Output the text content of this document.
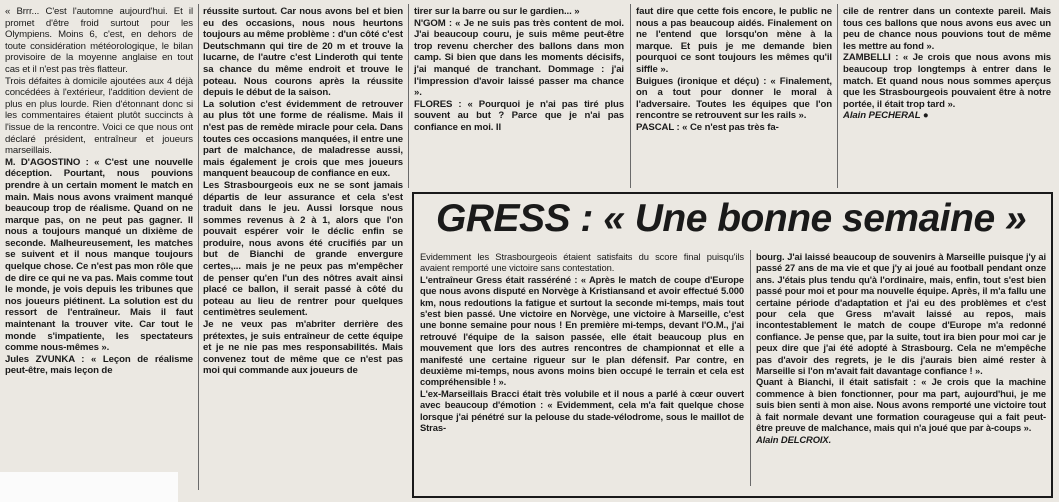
« Brrr... C'est l'automne aujourd'hui. Et il promet d'être froid surtout pour les Olympiens. Moins 6, c'est, en dehors de toute considération météorologique, le bilan provisoire de la moyenne anglaise en tout cas et il n'est pas très flatteur.

Trois défaites à domicile ajoutées aux 4 déjà concédées à l'extérieur, l'addition devient de plus en plus lourde. Rien d'étonnant donc si les commentaires étaient plutôt succincts à l'issue de la rencontre. Voici ce que nous ont déclaré président, entraîneur et joueurs marseillais.

M. D'AGOSTINO : « C'est une nouvelle déception. Pourtant, nous pouvions prendre à un certain moment le match en main. Mais nous avons vraiment manqué beaucoup trop de réalisme. Quand on ne marque pas, on ne peut pas gagner. Il nous a toujours manqué un dixième de seconde. Malheureusement, les matches se suivent et il nous manque toujours quelque chose. Ce n'est pas mon rôle que de dire ce qui ne va pas. Mais comme tout le monde, je vois depuis les tribunes que nos joueurs piétinent. La solution est du ressort de l'entraîneur. Mais il faut maintenant la trouver vite. Car tout le monde s'impatiente, les spectateurs comme nous-mêmes ».

Jules ZVUNKA : « Leçon de réalisme peut-être, mais leçon de

réussite surtout. Car nous avons bel et bien eu des occasions, nous nous heurtons toujours au même problème : d'un côté c'est Deutschmann qui tire de 20 m et trouve la lucarne, de l'autre c'est Linderoth qui tente sa chance du même endroit et trouve le poteau. Nous courons après la réussite depuis le début de la saison.

La solution c'est évidemment de retrouver au plus tôt une forme de réalisme. Mais il n'est pas de remède miracle pour cela. Dans toutes ces occasions manquées, il entre une part de malchance, de maladresse aussi, mais également je crois que mes joueurs manquent beaucoup de confiance en eux.

Les Strasbourgeois eux ne se sont jamais départis de leur assurance et cela s'est traduit dans le jeu. Aussi lorsque nous sommes revenus à 2 à 1, alors que l'on pouvait espérer voir le déclic enfin se produire, nous avons été crucifiés par un but de Bianchi de grande envergure certes,... mais je ne peux pas m'empêcher de penser qu'en l'un des nôtres avait ainsi placé ce ballon, il serait passé à côté du poteau au lieu de rentrer pour quelques centimètres seulement.

Je ne veux pas m'abriter derrière des prétextes, je suis entraîneur de cette équipe et je ne nie pas mes responsabilités. Mais convenez tout de même que ce n'est pas moi qui commande aux joueurs de

tirer sur la barre ou sur le gardien... »

N'GOM : « Je ne suis pas très content de moi. J'ai beaucoup couru, je suis même peut-être trop revenu chercher des ballons dans mon camp. Si bien que dans les moments décisifs, j'ai manqué de tranchant. Dommage : j'ai l'impression d'avoir laissé passer ma chance ».

FLORES : « Pourquoi je n'ai pas tiré plus souvent au but ? Parce que je n'ai pas confiance en moi. Il

faut dire que cette fois encore, le public ne nous a pas beaucoup aidés. Finalement on ne l'entend que lorsqu'on mène à la marque. Et puis je me demande bien pourquoi ce sont toujours les mêmes qu'il siffle ».

Buigues (ironique et déçu) : « Finalement, on a tout pour donner le moral à l'adversaire. Toutes les équipes que l'on rencontre se retrouvent sur les rails ».

PASCAL : « Ce n'est pas très fa-

cile de rentrer dans un contexte pareil. Mais tous ces ballons que nous avons eus avec un peu de chance nous pouvions tout de même les mettre au fond ».

ZAMBELLI : « Je crois que nous avons mis beaucoup trop longtemps à entrer dans le match. Et quand nous nous sommes aperçus que les Strasbourgeois pouvaient être à notre portée, il était trop tard ».

Alain PECHERAL ●

GRESS : « Une bonne semaine »

Evidemment les Strasbourgeois étaient satisfaits du score final puisqu'ils avaient remporté une victoire sans contestation.

L'entraîneur Gress était rasséréné : « Après le match de coupe d'Europe que nous avons disputé en Norvège à Kristiansand et avoir effectué 5.000 km, nous redoutions la fatigue et surtout la seconde mi-temps, mais tout s'est bien passé. Une victoire en Norvège, une victoire à Marseille, c'est une bonne semaine pour nous ! En première mi-temps, devant l'O.M., j'ai retrouvé l'équipe de la saison passée, elle était beaucoup plus en mouvement que lors des autres rencontres de championnat et elle a manifesté une certaine rigueur sur le plan défensif. Par contre, en deuxième mi-temps, nous avons moins bien occupé le terrain et cela est compréhensible ! ».

L'ex-Marseillais Bracci était très volubile et il nous a parlé à cœur ouvert avec beaucoup d'émotion : « Evidemment, cela m'a fait quelque chose lorsque j'ai pénétré sur la pelouse du stade-vélodrome, sous le maillot de Stras-

bourg. J'ai laissé beaucoup de souvenirs à Marseille puisque j'y ai passé 27 ans de ma vie et que j'y ai joué au football pendant onze ans. J'étais plus tendu qu'à l'ordinaire, mais, enfin, tout s'est bien passé pour moi et pour ma nouvelle équipe. Après, il m'a fallu une certaine période d'adaptation et j'ai eu des problèmes et c'est pour cela que Gress m'avait laissé au repos, mais incontestablement le match de coupe d'Europe m'a redonné confiance. Je pense que, par la suite, tout ira bien pour moi car je peux dire que j'ai été adopté à Strasbourg. Cela ne m'empêche pas d'avoir des regrets, je le dis j'aurais bien aimé rester à Marseille si l'on m'avait fait davantage confiance ! ».

Quant à Bianchi, il était satisfait : « Je crois que la machine commence à bien fonctionner, pour ma part, aujourd'hui, je me suis bien senti à mon aise. Nous avons remporté une victoire tout à fait normale devant une formation courageuse qui a fait peut-être preuve de malchance, mais qui n'a joué que par à-coups ».

Alain DELCROIX.
